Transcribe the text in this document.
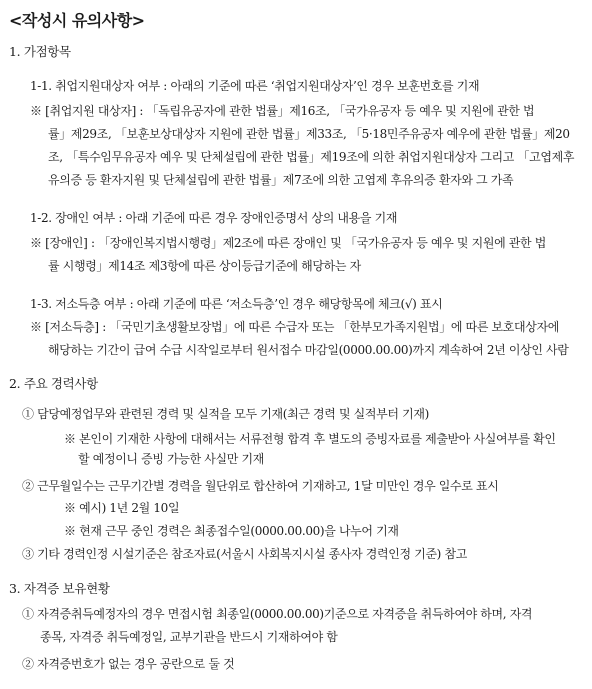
<작성시 유의사항>
1. 가점항목
1-1. 취업지원대상자 여부 : 아래의 기준에 따른 ‘취업지원대상자’인 경우 보훈번호를 기재
※ [취업지원 대상자] : 「독립유공자에 관한 법률」제16조, 「국가유공자 등 예우 및 지원에 관한 법
률」제29조, 「보훈보상대상자 지원에 관한 법률」제33조, 「5·18민주유공자 예우에 관한 법률」제20
조, 「특수임무유공자 예우 및 단체설립에 관한 법률」제19조에 의한 취업지원대상자 그리고 「고엽제후
유의증 등 환자지원 및 단체설립에 관한 법률」제7조에 의한 고엽제 후유의증 환자와 그 가족
1-2. 장애인 여부 : 아래 기준에 따른 경우 장애인증명서 상의 내용을 기재
※ [장애인] : 「장애인복지법시행령」제2조에 따른 장애인 및 「국가유공자 등 예우 및 지원에 관한 법
률 시행령」제14조 제3항에 따른 상이등급기준에 해당하는 자
1-3. 저소득층 여부 : 아래 기준에 따른 ‘저소득층’인 경우 해당항목에 체크(√) 표시
※ [저소득층] : 「국민기초생활보장법」에 따른 수급자 또는 「한부모가족지원법」에 따른 보호대상자에
해당하는 기간이 급여 수급 시작일로부터 원서접수 마감일(0000.00.00)까지 계속하여 2년 이상인 사람
2. 주요 경력사항
① 담당예정업무와 관련된 경력 및 실적을 모두 기재(최근 경력 및 실적부터 기재)
※ 본인이 기재한 사항에 대해서는 서류전형 합격 후 별도의 증빙자료를 제출받아 사실여부를 확인
할 예정이니 증빙 가능한 사실만 기재
② 근무월일수는 근무기간별 경력을 월단위로 합산하여 기재하고, 1달 미만인 경우 일수로 표시
※ 예시) 1년 2월 10일
※ 현재 근무 중인 경력은 최종접수일(0000.00.00)을 나누어 기재
③ 기타 경력인정 시설기준은 참조자료(서울시 사회복지시설 종사자 경력인정 기준) 참고
3. 자격증 보유현황
① 자격증취득예정자의 경우 면접시험 최종일(0000.00.00)기준으로 자격증을 취득하여야 하며, 자격
종목, 자격증 취득예정일, 교부기관을 반드시 기재하여야 함
② 자격증번호가 없는 경우 공란으로 둘 것
